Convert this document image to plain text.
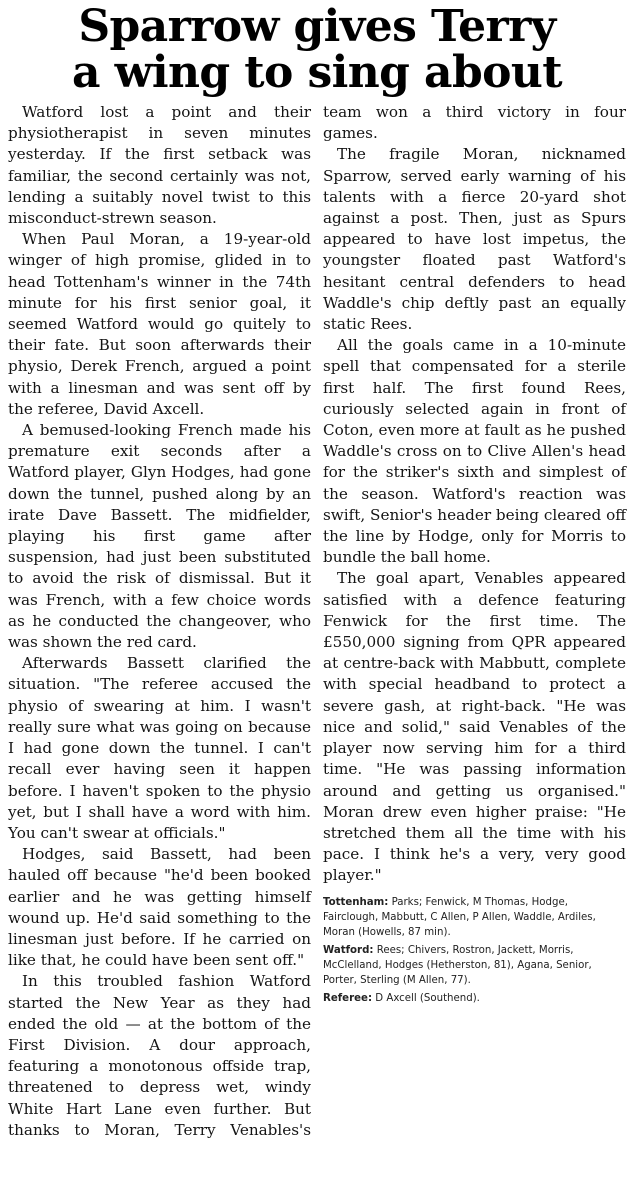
Sparrow gives Terry
a wing to sing about

Watford lost a point and their physiotherapist in seven minutes yesterday. If the first setback was familiar, the second certainly was not, lending a suitably novel twist to this misconduct-strewn season.

When Paul Moran, a 19-year-old winger of high promise, glided in to head Tottenham's winner in the 74th minute for his first senior goal, it seemed Watford would go quitely to their fate. But soon afterwards their physio, Derek French, argued a point with a linesman and was sent off by the referee, David Axcell.

A bemused-looking French made his premature exit seconds after a Watford player, Glyn Hodges, had gone down the tunnel, pushed along by an irate Dave Bassett. The midfielder, playing his first game after suspension, had just been substituted to avoid the risk of dismissal. But it was French, with a few choice words as he conducted the changeover, who was shown the red card.

Afterwards Bassett clarified the situation. "The referee accused the physio of swearing at him. I wasn't really sure what was going on because I had gone down the tunnel. I can't recall ever having seen it happen before. I haven't spoken to the physio yet, but I shall have a word with him. You can't swear at officials."

Hodges, said Bassett, had been hauled off because "he'd been booked earlier and he was getting himself wound up. He'd said something to the linesman just before. If he carried on like that, he could have been sent off."

In this troubled fashion Watford started the New Year as they had ended the old — at the bottom of the First Division. A dour approach, featuring a monotonous offside trap, threatened to depress wet, windy White Hart Lane even further. But thanks to Moran, Terry Venables's team won a third victory in four games.

The fragile Moran, nicknamed Sparrow, served early warning of his talents with a fierce 20-yard shot against a post. Then, just as Spurs appeared to have lost impetus, the youngster floated past Watford's hesitant central defenders to head Waddle's chip deftly past an equally static Rees.

All the goals came in a 10-minute spell that compensated for a sterile first half. The first found Rees, curiously selected again in front of Coton, even more at fault as he pushed Waddle's cross on to Clive Allen's head for the striker's sixth and simplest of the season. Watford's reaction was swift, Senior's header being cleared off the line by Hodge, only for Morris to bundle the ball home.

The goal apart, Venables appeared satisfied with a defence featuring Fenwick for the first time. The £550,000 signing from QPR appeared at centre-back with Mabbutt, complete with special headband to protect a severe gash, at right-back. "He was nice and solid," said Venables of the player now serving him for a third time. "He was passing information around and getting us organised." Moran drew even higher praise: "He stretched them all the time with his pace. I think he's a very, very good player."

Tottenham: Parks; Fenwick, M Thomas, Hodge, Fairclough, Mabbutt, C Allen, P Allen, Waddle, Ardiles, Moran (Howells, 87 min).

Watford: Rees; Chivers, Rostron, Jackett, Morris, McClelland, Hodges (Hetherston, 81), Agana, Senior, Porter, Sterling (M Allen, 77).

Referee: D Axcell (Southend).
